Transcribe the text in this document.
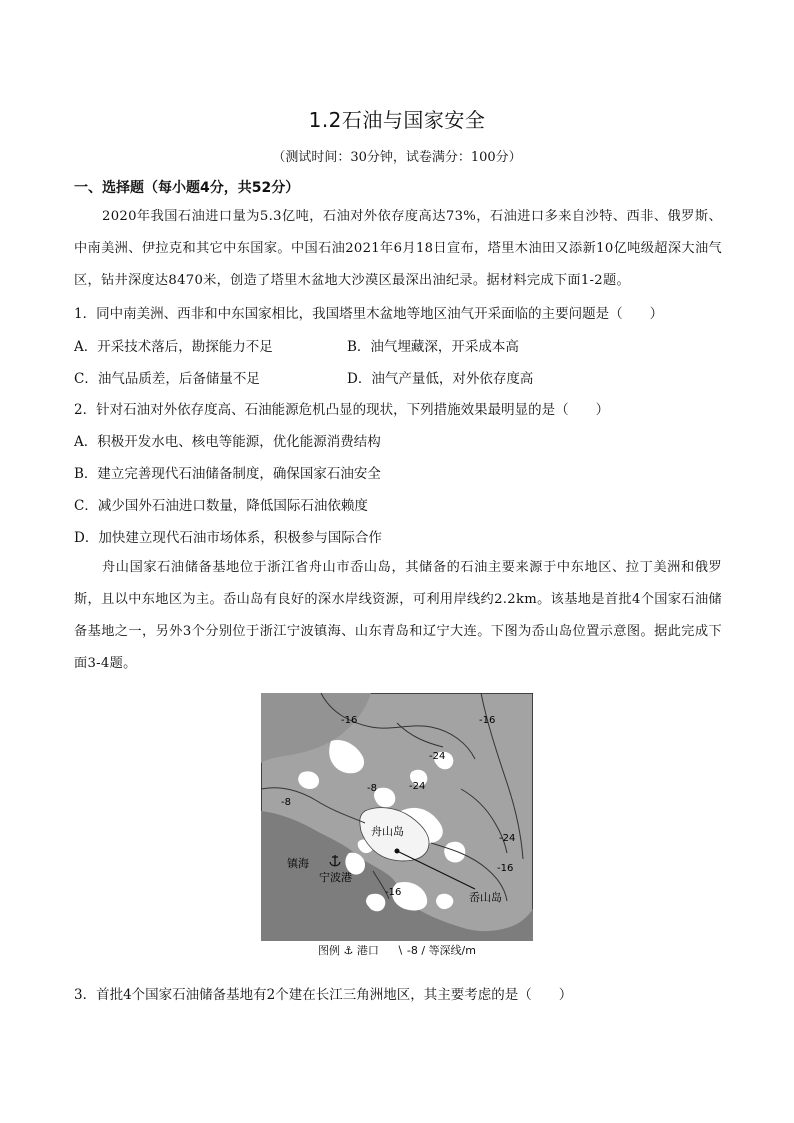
1.2石油与国家安全
（测试时间：30分钟，试卷满分：100分）
一、选择题（每小题4分，共52分）
2020年我国石油进口量为5.3亿吨，石油对外依存度高达73%，石油进口多来自沙特、西非、俄罗斯、中南美洲、伊拉克和其它中东国家。中国石油2021年6月18日宣布，塔里木油田又添新10亿吨级超深大油气区，钻井深度达8470米，创造了塔里木盆地大沙漠区最深出油纪录。据材料完成下面1-2题。
1．同中南美洲、西非和中东国家相比，我国塔里木盆地等地区油气开采面临的主要问题是（　　）
A．开采技术落后，勘探能力不足	B．油气埋藏深，开采成本高
C．油气品质差，后备储量不足	D．油气产量低，对外依存度高
2．针对石油对外依存度高、石油能源危机凸显的现状，下列措施效果最明显的是（　　）
A．积极开发水电、核电等能源，优化能源消费结构
B．建立完善现代石油储备制度，确保国家石油安全
C．减少国外石油进口数量，降低国际石油依赖度
D．加快建立现代石油市场体系，积极参与国际合作
舟山国家石油储备基地位于浙江省舟山市岙山岛，其储备的石油主要来源于中东地区、拉丁美洲和俄罗斯，且以中东地区为主。岙山岛有良好的深水岸线资源，可利用岸线约2.2km。该基地是首批4个国家石油储备基地之一，另外3个分别位于浙江宁波镇海、山东青岛和辽宁大连。下图为岙山岛位置示意图。据此完成下面3-4题。
-16	-16
-24
-24
-8
-8
-24
-16
-16
舟山岛
镇海
宁波港
岙山岛
图例 ⚓ 港口 ∖ -8 / 等深线/m
3．首批4个国家石油储备基地有2个建在长江三角洲地区，其主要考虑的是（　　）
